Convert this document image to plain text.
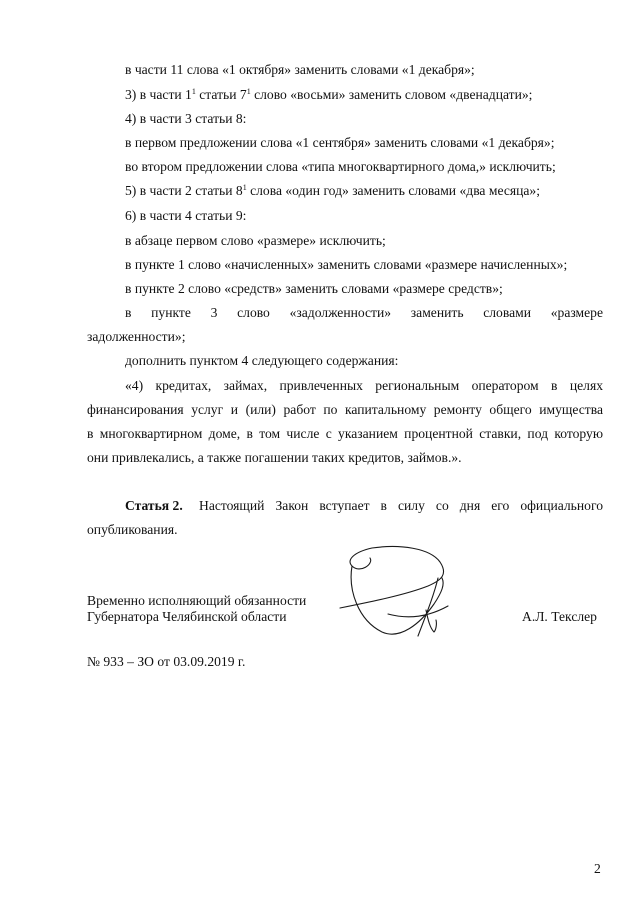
в части 11 слова «1 октября» заменить словами «1 декабря»;
3) в части $1^1$ статьи $7^1$ слово «восьми» заменить словом «двенадцати»;
4) в части 3 статьи 8:
в первом предложении слова «1 сентября» заменить словами «1 декабря»;
во втором предложении слова «типа многоквартирного дома,» исключить;
5) в части 2 статьи $8^1$ слова «один год» заменить словами «два месяца»;
6) в части 4 статьи 9:
в абзаце первом слово «размере» исключить;
в пункте 1 слово «начисленных» заменить словами «размере начисленных»;
в пункте 2 слово «средств» заменить словами «размере средств»;
в пункте 3 слово «задолженности» заменить словами «размере
задолженности»;
дополнить пунктом 4 следующего содержания:
«4) кредитах, займах, привлеченных региональным оператором в целях
финансирования услуг и (или) работ по капитальному ремонту общего имущества
в многоквартирном доме, в том числе с указанием процентной ставки, под которую
они привлекались, а также погашении таких кредитов, займов.».
Статья 2. Настоящий Закон вступает в силу со дня его официального
опубликования.
Временно исполняющий обязанности
Губернатора Челябинской области	А.Л. Текслер
№ 933 – ЗО от 03.09.2019 г.
2
